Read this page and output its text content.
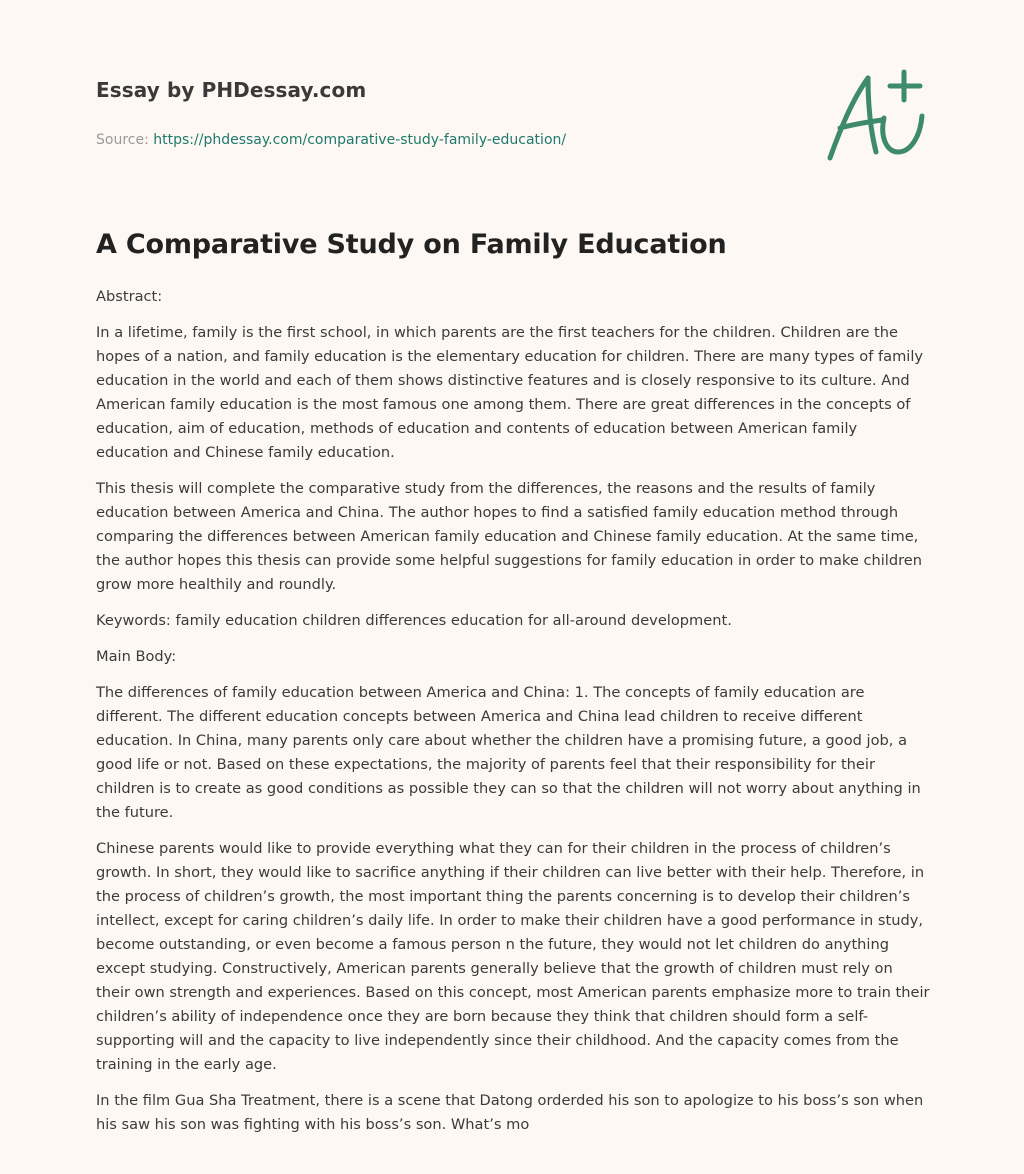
Essay by PHDessay.com
Source: https://phdessay.com/comparative-study-family-education/
A Comparative Study on Family Education

Abstract:

In a lifetime, family is the first school, in which parents are the first teachers for the children. Children are the hopes of a nation, and family education is the elementary education for children. There are many types of family education in the world and each of them shows distinctive features and is closely responsive to its culture. And American family education is the most famous one among them. There are great differences in the concepts of education, aim of education, methods of education and contents of education between American family education and Chinese family education.

This thesis will complete the comparative study from the differences, the reasons and the results of family education between America and China. The author hopes to find a satisfied family education method through comparing the differences between American family education and Chinese family education. At the same time, the author hopes this thesis can provide some helpful suggestions for family education in order to make children grow more healthily and roundly.

Keywords: family education children differences education for all-around development.

Main Body:

The differences of family education between America and China: 1. The concepts of family education are different. The different education concepts between America and China lead children to receive different education. In China, many parents only care about whether the children have a promising future, a good job, a good life or not. Based on these expectations, the majority of parents feel that their responsibility for their children is to create as good conditions as possible they can so that the children will not worry about anything in the future.

Chinese parents would like to provide everything what they can for their children in the process of children’s growth. In short, they would like to sacrifice anything if their children can live better with their help. Therefore, in the process of children’s growth, the most important thing the parents concerning is to develop their children’s intellect, except for caring children’s daily life. In order to make their children have a good performance in study, become outstanding, or even become a famous person n the future, they would not let children do anything except studying. Constructively, American parents generally believe that the growth of children must rely on their own strength and experiences. Based on this concept, most American parents emphasize more to train their children’s ability of independence once they are born because they think that children should form a self-supporting will and the capacity to live independently since their childhood. And the capacity comes from the training in the early age.

In the film Gua Sha Treatment, there is a scene that Datong orderded his son to apologize to his boss’s son when his saw his son was fighting with his boss’s son. What’s mo
